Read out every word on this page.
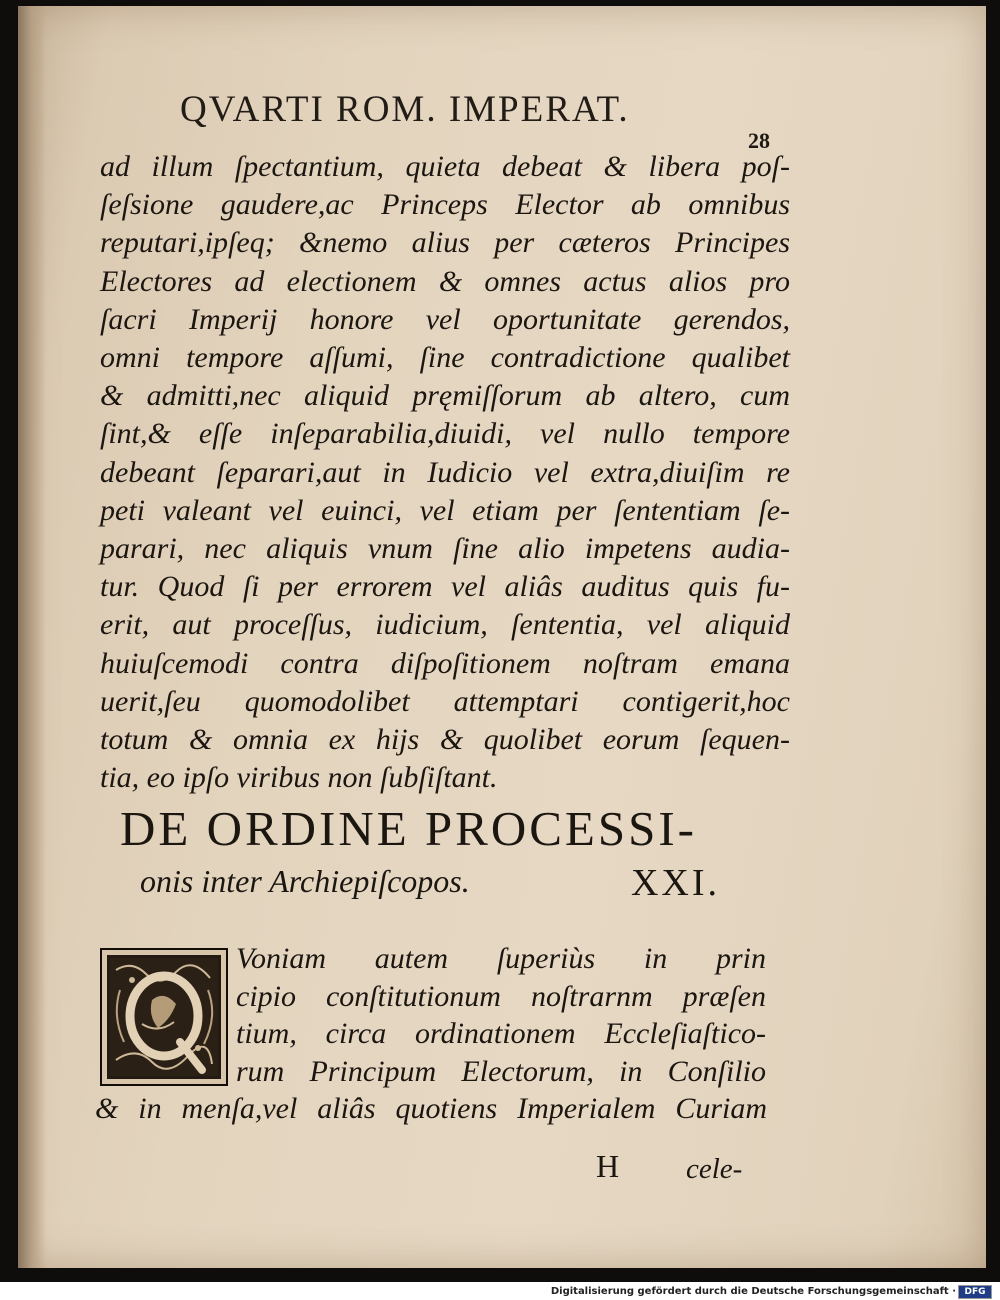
QVARTI ROM. IMPERAT.
28
ad illum ſpectantium, quieta debeat & libera poſ-
ſeſsione gaudere,ac Princeps Elector ab omnibus
reputari,ipſeq; &nemo alius per cæteros Principes
Electores ad electionem & omnes actus alios pro
ſacri Imperij honore vel oportunitate gerendos,
omni tempore aſſumi, ſine contradictione qualibet
& admitti,nec aliquid pręmiſſorum ab altero, cum
ſint,& eſſe inſeparabilia,diuidi, vel nullo tempore
debeant ſeparari,aut in Iudicio vel extra,diuiſim re
peti valeant vel euinci, vel etiam per ſententiam ſe-
parari, nec aliquis vnum ſine alio impetens audia-
tur. Quod ſi per errorem vel aliâs auditus quis fu-
erit, aut proceſſus, iudicium, ſententia, vel aliquid
huiuſcemodi contra diſpoſitionem noſtram emana
uerit,ſeu quomodolibet attemptari contigerit,hoc
totum & omnia ex hijs & quolibet eorum ſequen-
tia, eo ipſo viribus non ſubſiſtant.
DE ORDINE PROCESSI-
onis inter Archiepiſcopos.	XXI.
Voniam autem ſuperiùs in prin
cipio conſtitutionum noſtrarnm præſen
tium, circa ordinationem Eccleſiaſtico-
rum Principum Electorum, in Conſilio
& in menſa,vel aliâs quotiens Imperialem Curiam
H cele-
Digitalisierung gefördert durch die Deutsche Forschungsgemeinschaft · DFG
